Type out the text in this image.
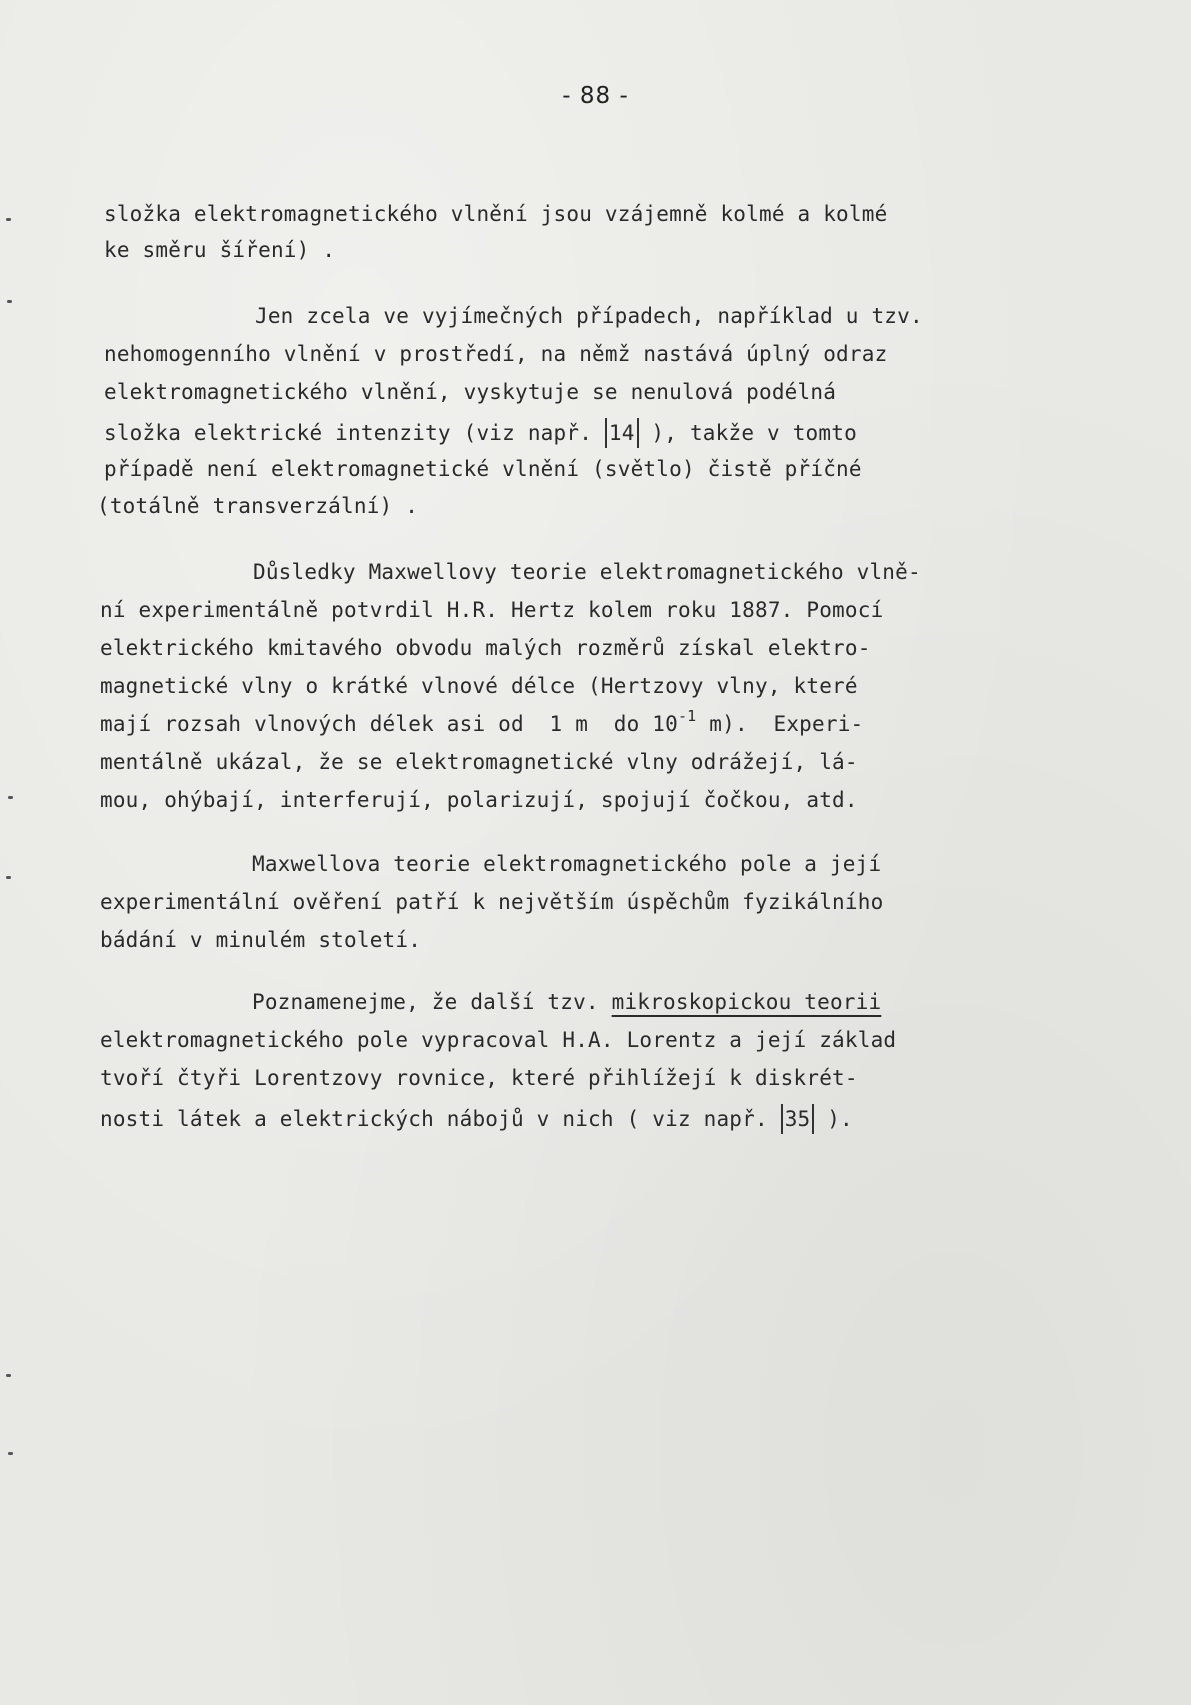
- 88 -
složka elektromagnetického vlnění jsou vzájemně kolmé a kolmé
ke směru šíření) .
Jen zcela ve vyjímečných případech, například u tzv.
nehomogenního vlnění v prostředí, na němž nastává úplný odraz
elektromagnetického vlnění, vyskytuje se nenulová podélná
složka elektrické intenzity (viz např. 14 ), takže v tomto
případě není elektromagnetické vlnění (světlo) čistě příčné
(totálně transverzální) .
Důsledky Maxwellovy teorie elektromagnetického vlně-
ní experimentálně potvrdil H.R. Hertz kolem roku 1887. Pomocí
elektrického kmitavého obvodu malých rozměrů získal elektro-
magnetické vlny o krátké vlnové délce (Hertzovy vlny, které
mají rozsah vlnových délek asi od  1 m  do $10^{-1}$ m).  Experi-
mentálně ukázal, že se elektromagnetické vlny odrážejí, lá-
mou, ohýbají, interferují, polarizují, spojují čočkou, atd.
Maxwellova teorie elektromagnetického pole a její
experimentální ověření patří k největším úspěchům fyzikálního
bádání v minulém století.
Poznamenejme, že další tzv. mikroskopickou teorii
elektromagnetického pole vypracoval H.A. Lorentz a její základ
tvoří čtyři Lorentzovy rovnice, které přihlížejí k diskrét-
nosti látek a elektrických nábojů v nich ( viz např. 35 ).
